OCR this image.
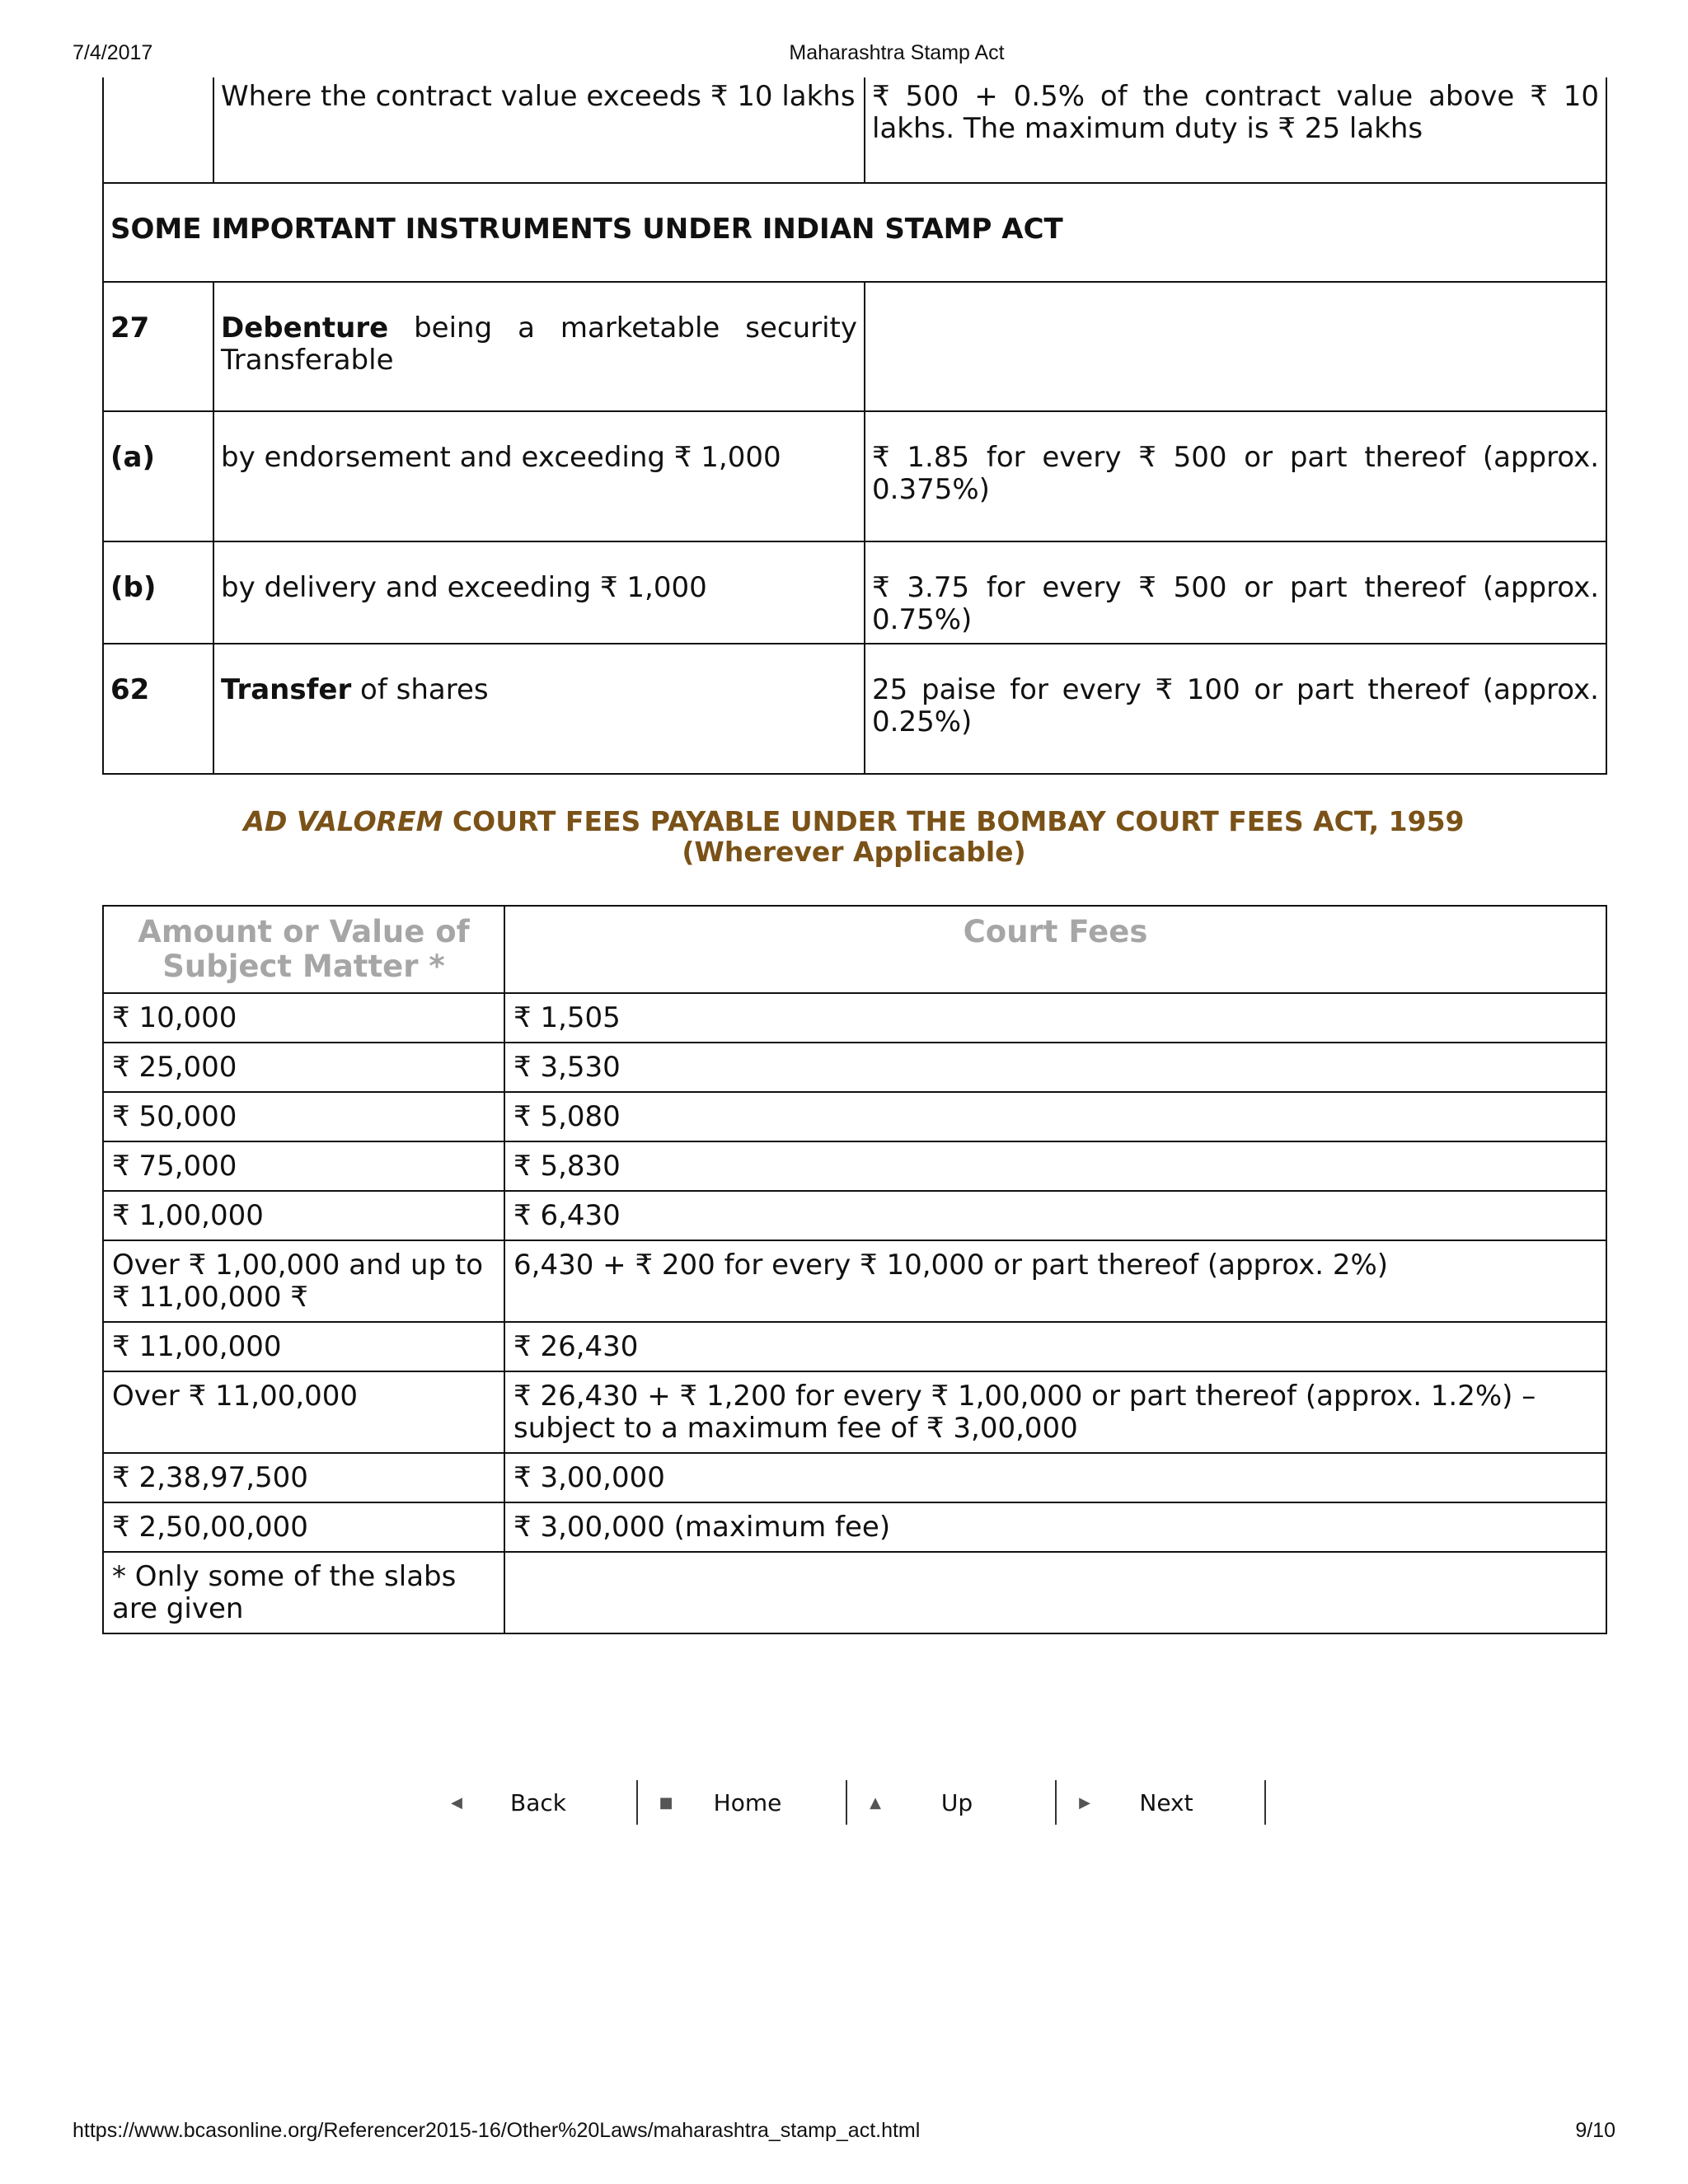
7/4/2017	Maharashtra Stamp Act
	Where the contract value exceeds ₹ 10 lakhs	₹ 500 + 0.5% of the contract value above ₹ 10 lakhs. The maximum duty is ₹ 25 lakhs
SOME IMPORTANT INSTRUMENTS UNDER INDIAN STAMP ACT		
27	Debenture being a marketable security Transferable	
(a)	by endorsement and exceeding ₹ 1,000	₹ 1.85 for every ₹ 500 or part thereof (approx. 0.375%)
(b)	by delivery and exceeding ₹ 1,000	₹ 3.75 for every ₹ 500 or part thereof (approx. 0.75%)
62	Transfer of shares	25 paise for every ₹ 100 or part thereof (approx. 0.25%)
AD VALOREM COURT FEES PAYABLE UNDER THE BOMBAY COURT FEES ACT, 1959
(Wherever Applicable)
Amount or Value of Subject Matter *	Court Fees
₹ 10,000	₹ 1,505
₹ 25,000	₹ 3,530
₹ 50,000	₹ 5,080
₹ 75,000	₹ 5,830
₹ 1,00,000	₹ 6,430
Over ₹ 1,00,000 and up to ₹ 11,00,000 ₹	6,430 + ₹ 200 for every ₹ 10,000 or part thereof (approx. 2%)
₹ 11,00,000	₹ 26,430
Over ₹ 11,00,000	₹ 26,430 + ₹ 1,200 for every ₹ 1,00,000 or part thereof (approx. 1.2%) – subject to a maximum fee of ₹ 3,00,000
₹ 2,38,97,500	₹ 3,00,000
₹ 2,50,00,000	₹ 3,00,000 (maximum fee)
* Only some of the slabs are given	
◀	Back	■	Home	▲	Up	▶	Next
https://www.bcasonline.org/Referencer2015-16/Other%20Laws/maharashtra_stamp_act.html	9/10
